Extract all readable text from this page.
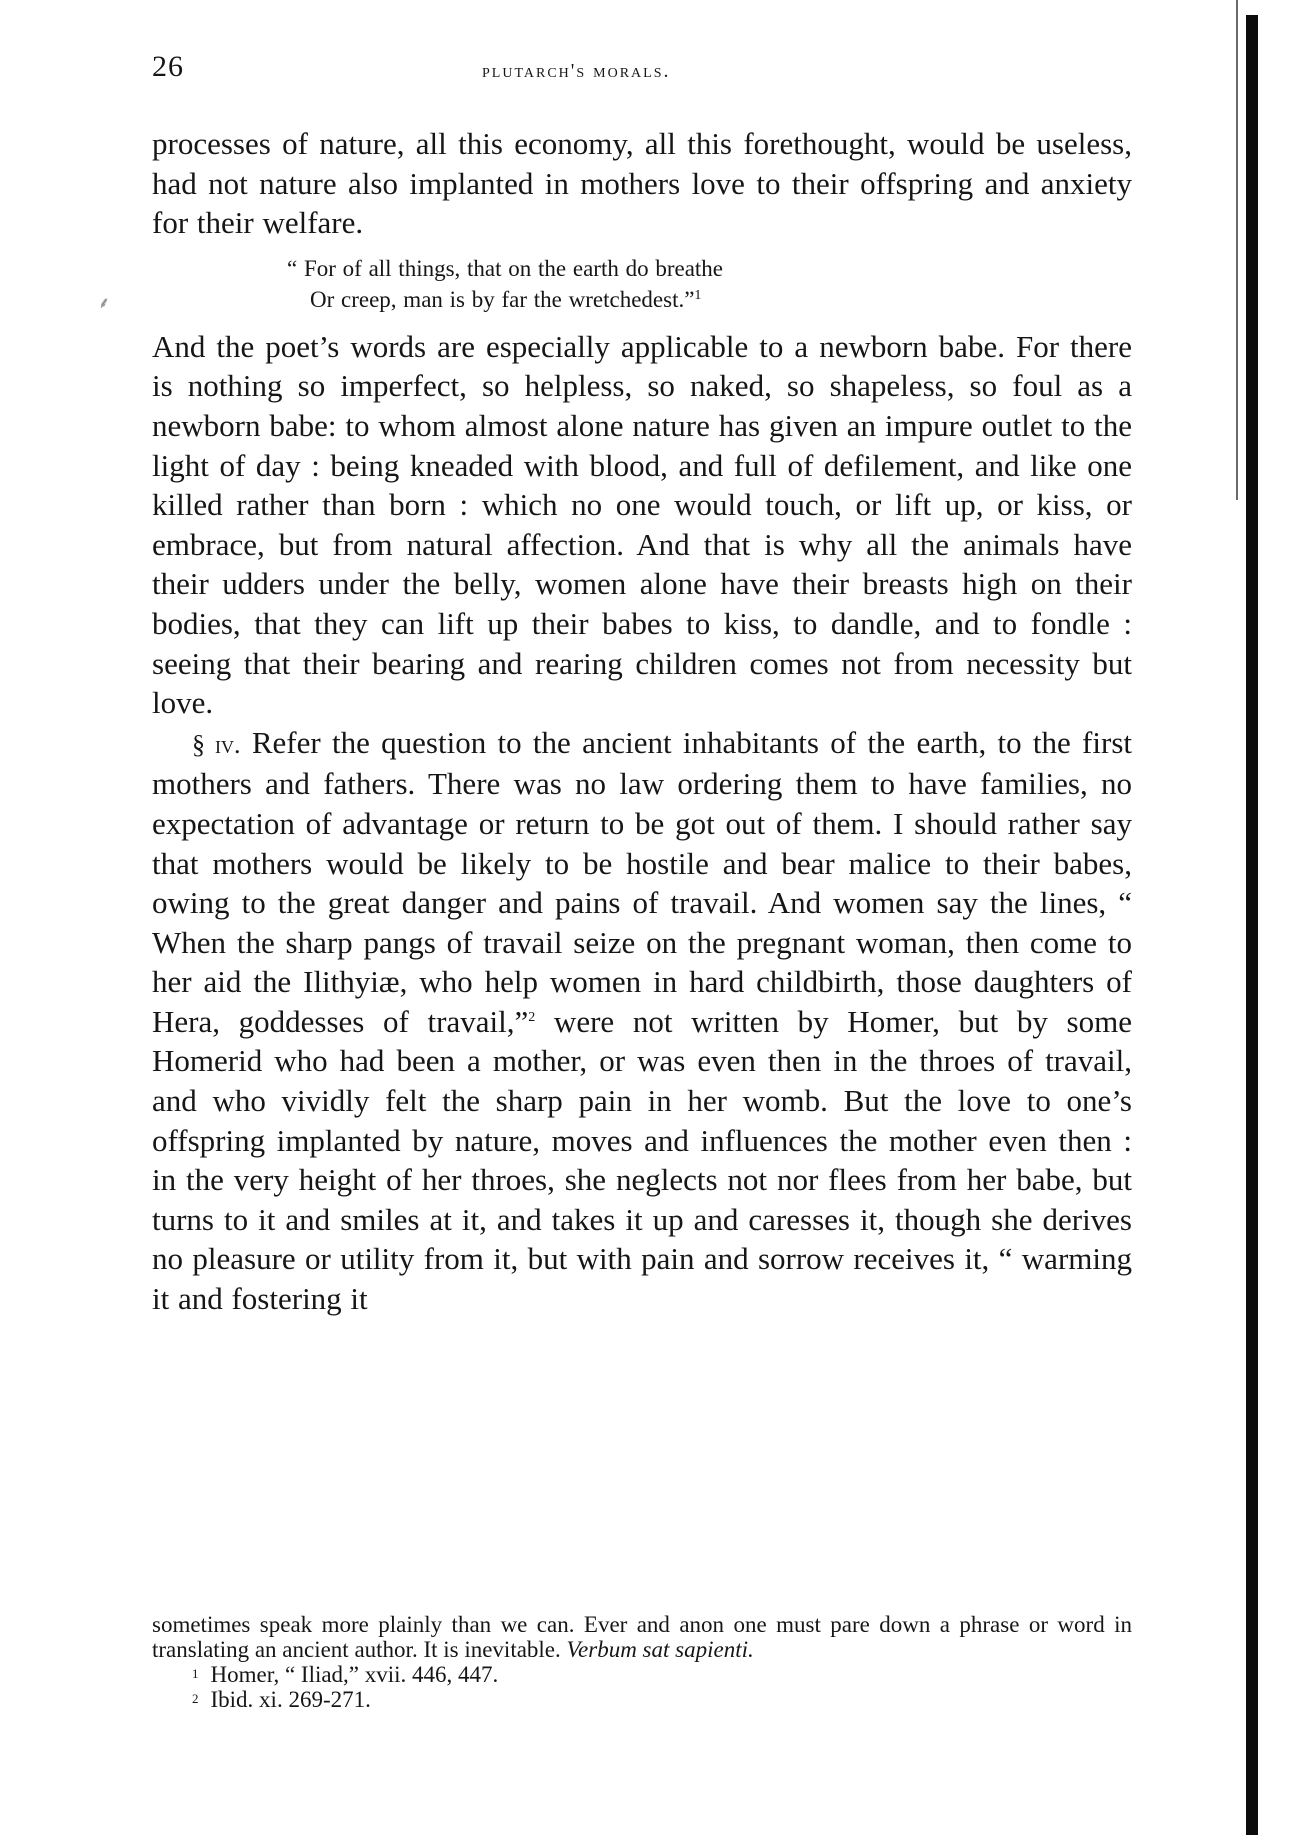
⸙
26	plutarch's morals.

processes of nature, all this economy, all this forethought, would be useless, had not nature also implanted in mothers love to their offspring and anxiety for their welfare.

“ For of all things, that on the earth do breathe
Or creep, man is by far the wretchedest.”$^1$

And the poet’s words are especially applicable to a newborn babe. For there is nothing so imperfect, so helpless, so naked, so shapeless, so foul as a newborn babe: to whom almost alone nature has given an impure outlet to the light of day : being kneaded with blood, and full of defilement, and like one killed rather than born : which no one would touch, or lift up, or kiss, or embrace, but from natural affection. And that is why all the animals have their udders under the belly, women alone have their breasts high on their bodies, that they can lift up their babes to kiss, to dandle, and to fondle : seeing that their bearing and rearing children comes not from necessity but love.

§ iv. Refer the question to the ancient inhabitants of the earth, to the first mothers and fathers. There was no law ordering them to have families, no expectation of advantage or return to be got out of them. I should rather say that mothers would be likely to be hostile and bear malice to their babes, owing to the great danger and pains of travail. And women say the lines, “ When the sharp pangs of travail seize on the pregnant woman, then come to her aid the Ilithyiæ, who help women in hard childbirth, those daughters of Hera, goddesses of travail,”$^2$ were not written by Homer, but by some Homerid who had been a mother, or was even then in the throes of travail, and who vividly felt the sharp pain in her womb. But the love to one’s offspring implanted by nature, moves and influences the mother even then : in the very height of her throes, she neglects not nor flees from her babe, but turns to it and smiles at it, and takes it up and caresses it, though she derives no pleasure or utility from it, but with pain and sorrow receives it, “ warming it and fostering it

sometimes speak more plainly than we can. Ever and anon one must pare down a phrase or word in translating an ancient author. It is inevitable. Verbum sat sapienti.

$^1$ Homer, “ Iliad,” xvii. 446, 447.

$^2$ Ibid. xi. 269-271.
